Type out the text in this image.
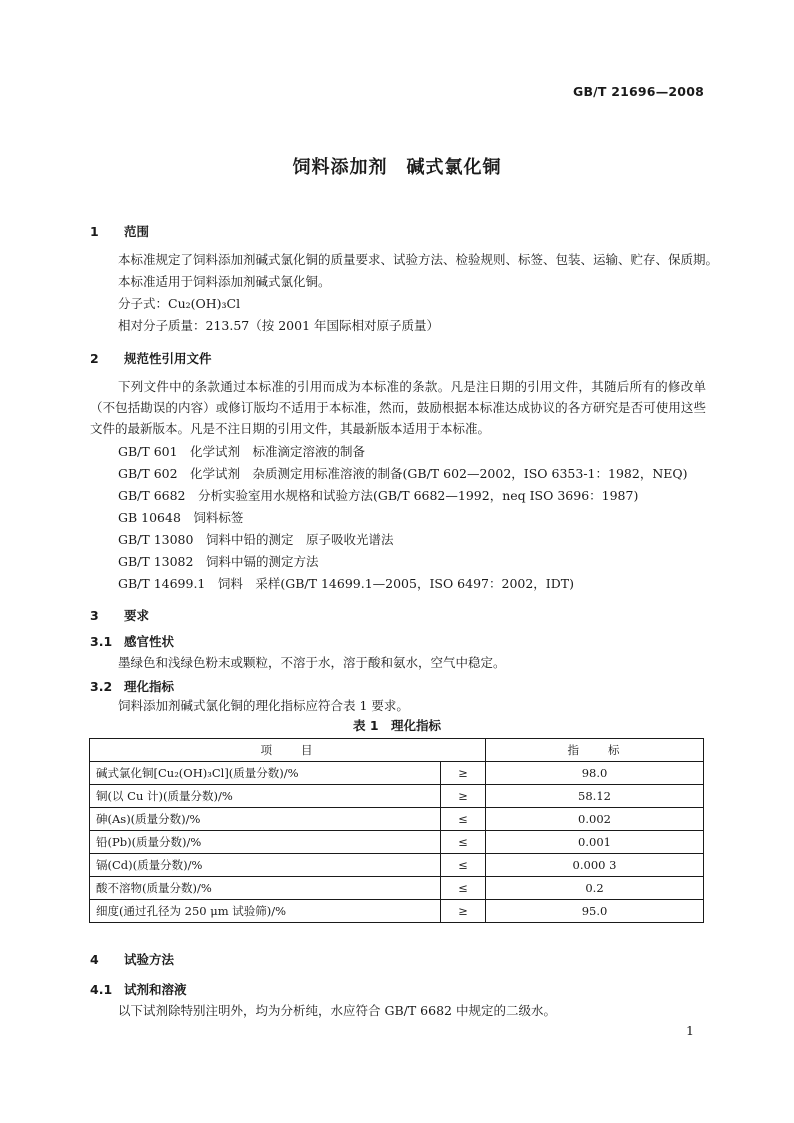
GB/T 21696—2008
饲料添加剂　碱式氯化铜
1 范围
本标准规定了饲料添加剂碱式氯化铜的质量要求、试验方法、检验规则、标签、包装、运输、贮存、保质期。
本标准适用于饲料添加剂碱式氯化铜。
分子式：Cu₂(OH)₃Cl
相对分子质量：213.57（按 2001 年国际相对原子质量）
2 规范性引用文件
下列文件中的条款通过本标准的引用而成为本标准的条款。凡是注日期的引用文件，其随后所有的修改单（不包括勘误的内容）或修订版均不适用于本标准，然而，鼓励根据本标准达成协议的各方研究是否可使用这些文件的最新版本。凡是不注日期的引用文件，其最新版本适用于本标准。
GB/T 601　化学试剂　标准滴定溶液的制备
GB/T 602　化学试剂　杂质测定用标准溶液的制备(GB/T 602—2002，ISO 6353-1：1982，NEQ)
GB/T 6682　分析实验室用水规格和试验方法(GB/T 6682—1992，neq ISO 3696：1987)
GB 10648　饲料标签
GB/T 13080　饲料中铅的测定　原子吸收光谱法
GB/T 13082　饲料中镉的测定方法
GB/T 14699.1　饲料　采样(GB/T 14699.1—2005，ISO 6497：2002，IDT)
3 要求
3.1 感官性状
墨绿色和浅绿色粉末或颗粒，不溶于水，溶于酸和氨水，空气中稳定。
3.2 理化指标
饲料添加剂碱式氯化铜的理化指标应符合表 1 要求。
表 1　理化指标
项　　目		指　　标
碱式氯化铜[Cu₂(OH)₃Cl](质量分数)/%	≥	98.0
铜(以 Cu 计)(质量分数)/%	≥	58.12
砷(As)(质量分数)/%	≤	0.002
铅(Pb)(质量分数)/%	≤	0.001
镉(Cd)(质量分数)/%	≤	0.000 3
酸不溶物(质量分数)/%	≤	0.2
细度(通过孔径为 250 μm 试验筛)/%	≥	95.0
4 试验方法
4.1 试剂和溶液
以下试剂除特别注明外，均为分析纯，水应符合 GB/T 6682 中规定的二级水。
1
